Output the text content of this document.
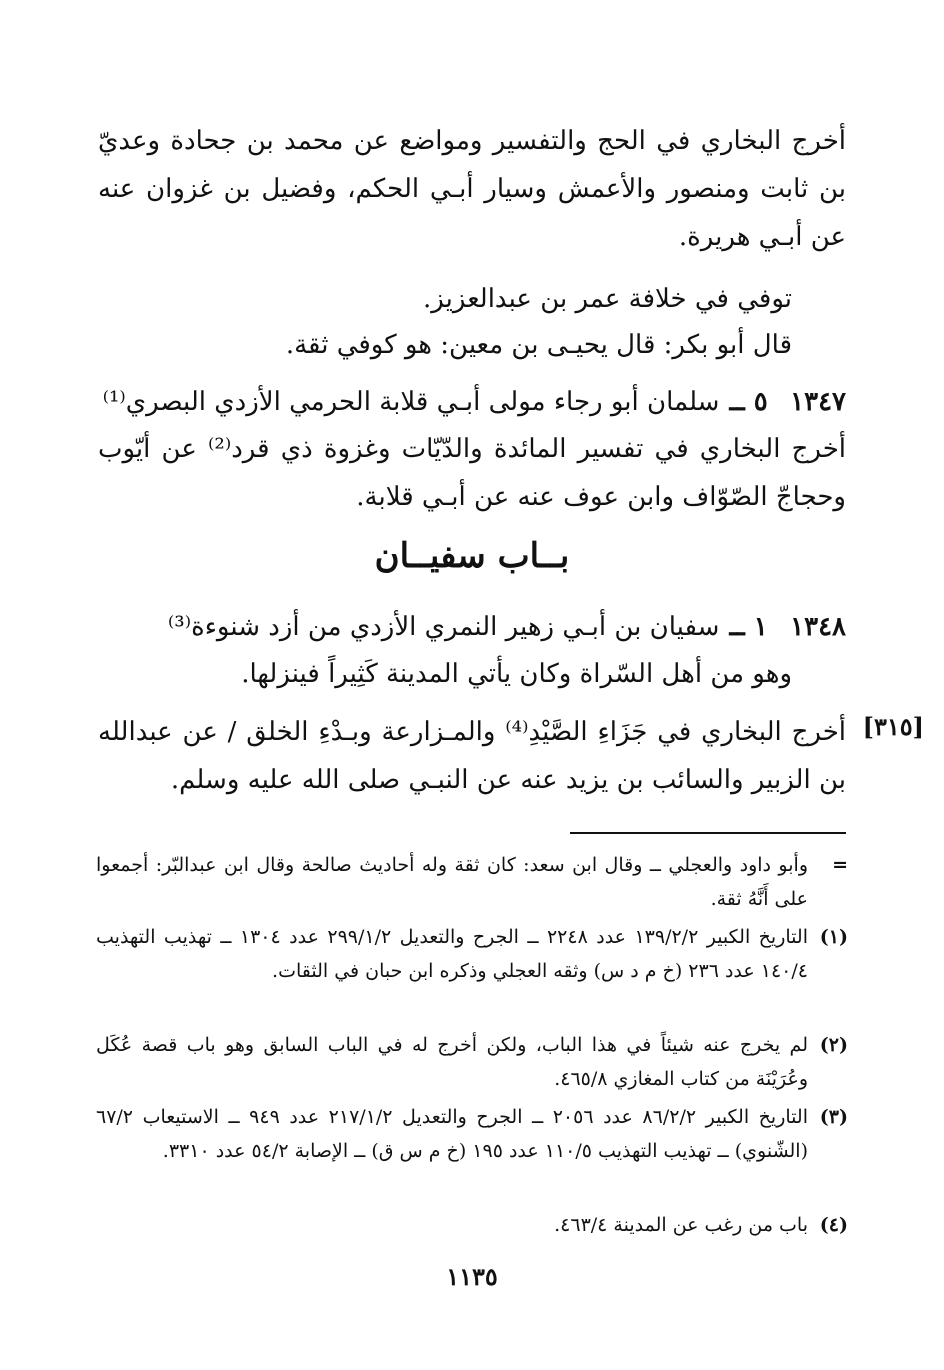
أخرج البخاري في الحج والتفسير ومواضع عن محمد بن جحادة وعديّ بن ثابت ومنصور والأعمش وسيار أبـي الحكم، وفضيل بن غزوان عنه عن أبـي هريرة.
توفي في خلافة عمر بن عبدالعزيز.
قال أبو بكر: قال يحيـى بن معين: هو كوفي ثقة.
١٣٤٧ ٥ ــ سلمان أبو رجاء مولى أبـي قلابة الحرمي الأزدي البصري⁽¹⁾
أخرج البخاري في تفسير المائدة والدّيّات وغزوة ذي قرد⁽²⁾ عن أيّوب وحجاجّ الصّوّاف وابن عوف عنه عن أبـي قلابة.
بــاب سفيــان
١٣٤٨ ١ ــ سفيان بن أبـي زهير النمري الأزدي من أزد شنوءة⁽³⁾
وهو من أهل السّراة وكان يأتي المدينة كَثِيراً فينزلها.
[٣١٥]
أخرج البخاري في جَزَاءِ الصَّيْدِ⁽⁴⁾ والمـزارعة وبـدْءِ الخلق / عن عبدالله بن الزبير والسائب بن يزيد عنه عن النبـي صلى الله عليه وسلم.
=
وأبو داود والعجلي ــ وقال ابن سعد: كان ثقة وله أحاديث صالحة وقال ابن عبدالبّر: أجمعوا على أَنَّهُ ثقة.
(١)
التاريخ الكبير ١٣٩/٢/٢ عدد ٢٢٤٨ ــ الجرح والتعديل ٢٩٩/١/٢ عدد ١٣٠٤ ــ تهذيب التهذيب ١٤٠/٤ عدد ٢٣٦ (خ م د س) وثقه العجلي وذكره ابن حبان في الثقات.
(٢)
لم يخرج عنه شيئاً في هذا الباب، ولكن أخرج له في الباب السابق وهو باب قصة عُكَل وعُرَيْنَة من كتاب المغازي ٤٦٥/٨.
(٣)
التاريخ الكبير ٨٦/٢/٢ عدد ٢٠٥٦ ــ الجرح والتعديل ٢١٧/١/٢ عدد ٩٤٩ ــ الاستيعاب ٦٧/٢ (الشّنوي) ــ تهذيب التهذيب ١١٠/٥ عدد ١٩٥ (خ م س ق) ــ الإصابة ٥٤/٢ عدد ٣٣١٠.
(٤)
باب من رغب عن المدينة ٤٦٣/٤.
١١٣٥
